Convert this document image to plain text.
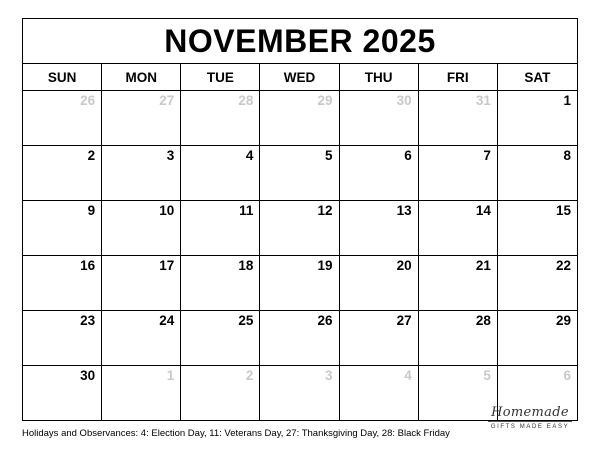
NOVEMBER 2025
SUN	MON	TUE	WED	THU	FRI	SAT
26	27	28	29	30	31	1
2	3	4	5	6	7	8
9	10	11	12	13	14	15
16	17	18	19	20	21	22
23	24	25	26	27	28	29
30	1	2	3	4	5	6
Holidays and Observances: 4: Election Day, 11: Veterans Day, 27: Thanksgiving Day, 28: Black Friday
Homemade
GIFTS MADE EASY
